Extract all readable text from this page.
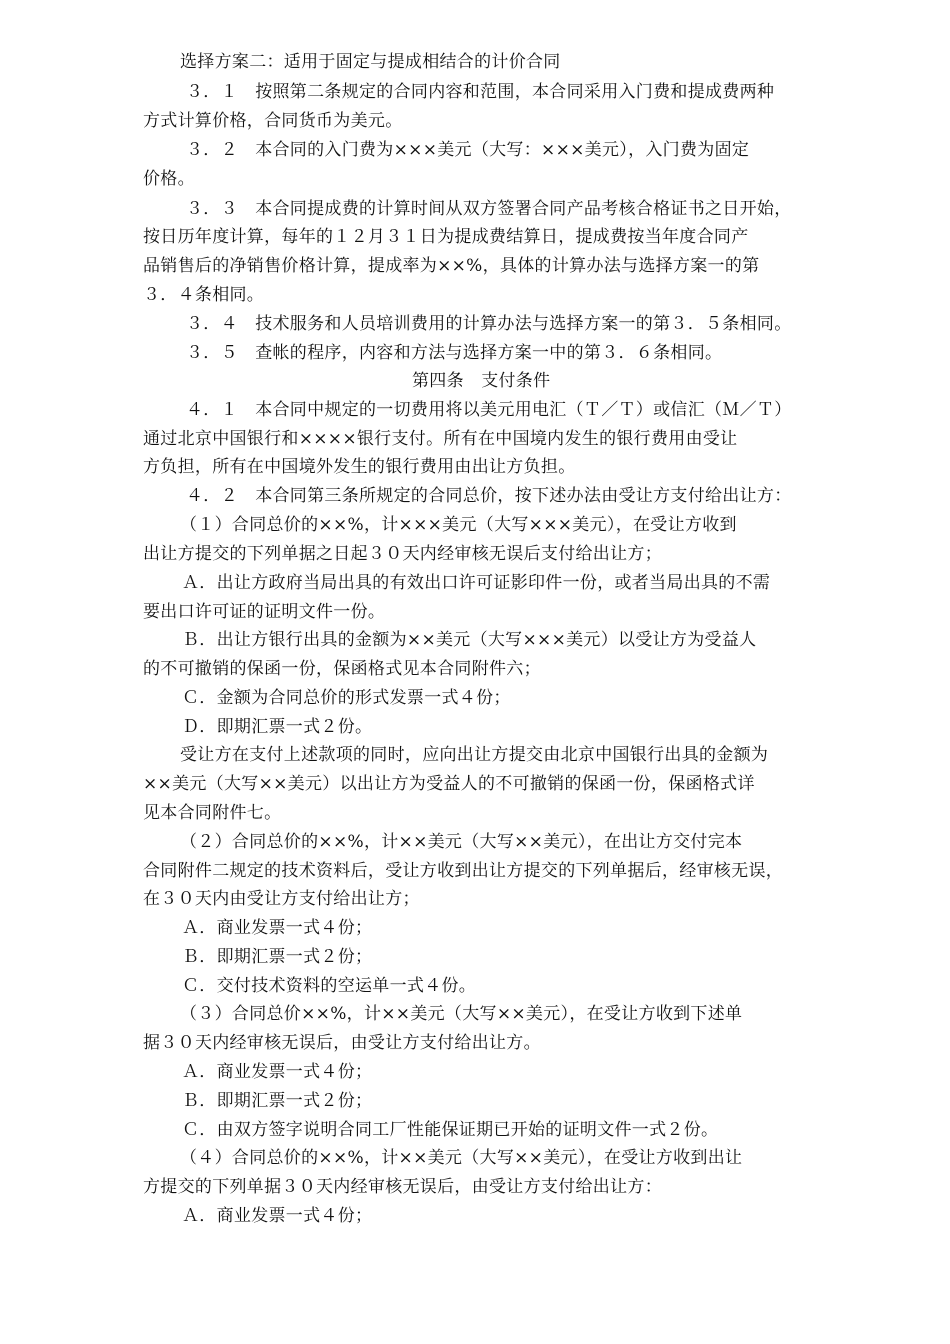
选择方案二：适用于固定与提成相结合的计价合同
３．１　按照第二条规定的合同内容和范围，本合同采用入门费和提成费两种
方式计算价格，合同货币为美元。
３．２　本合同的入门费为×××美元（大写：×××美元），入门费为固定
价格。
３．３　本合同提成费的计算时间从双方签署合同产品考核合格证书之日开始，
按日历年度计算，每年的１２月３１日为提成费结算日，提成费按当年度合同产
品销售后的净销售价格计算，提成率为××%，具体的计算办法与选择方案一的第
３．４条相同。
３．４　技术服务和人员培训费用的计算办法与选择方案一的第３．５条相同。
３．５　查帐的程序，内容和方法与选择方案一中的第３．６条相同。
第四条　支付条件
４．１　本合同中规定的一切费用将以美元用电汇（Ｔ／Ｔ）或信汇（Ｍ／Ｔ）
通过北京中国银行和××××银行支付。所有在中国境内发生的银行费用由受让
方负担，所有在中国境外发生的银行费用由出让方负担。
４．２　本合同第三条所规定的合同总价，按下述办法由受让方支付给出让方：
（１）合同总价的××%，计×××美元（大写×××美元），在受让方收到
出让方提交的下列单据之日起３０天内经审核无误后支付给出让方；
Ａ．出让方政府当局出具的有效出口许可证影印件一份，或者当局出具的不需
要出口许可证的证明文件一份。
Ｂ．出让方银行出具的金额为××美元（大写×××美元）以受让方为受益人
的不可撤销的保函一份，保函格式见本合同附件六；
Ｃ．金额为合同总价的形式发票一式４份；
Ｄ．即期汇票一式２份。
受让方在支付上述款项的同时，应向出让方提交由北京中国银行出具的金额为
××美元（大写××美元）以出让方为受益人的不可撤销的保函一份，保函格式详
见本合同附件七。
（２）合同总价的××%，计××美元（大写××美元），在出让方交付完本
合同附件二规定的技术资料后，受让方收到出让方提交的下列单据后，经审核无误，
在３０天内由受让方支付给出让方；
Ａ．商业发票一式４份；
Ｂ．即期汇票一式２份；
Ｃ．交付技术资料的空运单一式４份。
（３）合同总价××%，计××美元（大写××美元），在受让方收到下述单
据３０天内经审核无误后，由受让方支付给出让方。
Ａ．商业发票一式４份；
Ｂ．即期汇票一式２份；
Ｃ．由双方签字说明合同工厂性能保证期已开始的证明文件一式２份。
（４）合同总价的××%，计××美元（大写××美元），在受让方收到出让
方提交的下列单据３０天内经审核无误后，由受让方支付给出让方：
Ａ．商业发票一式４份；
